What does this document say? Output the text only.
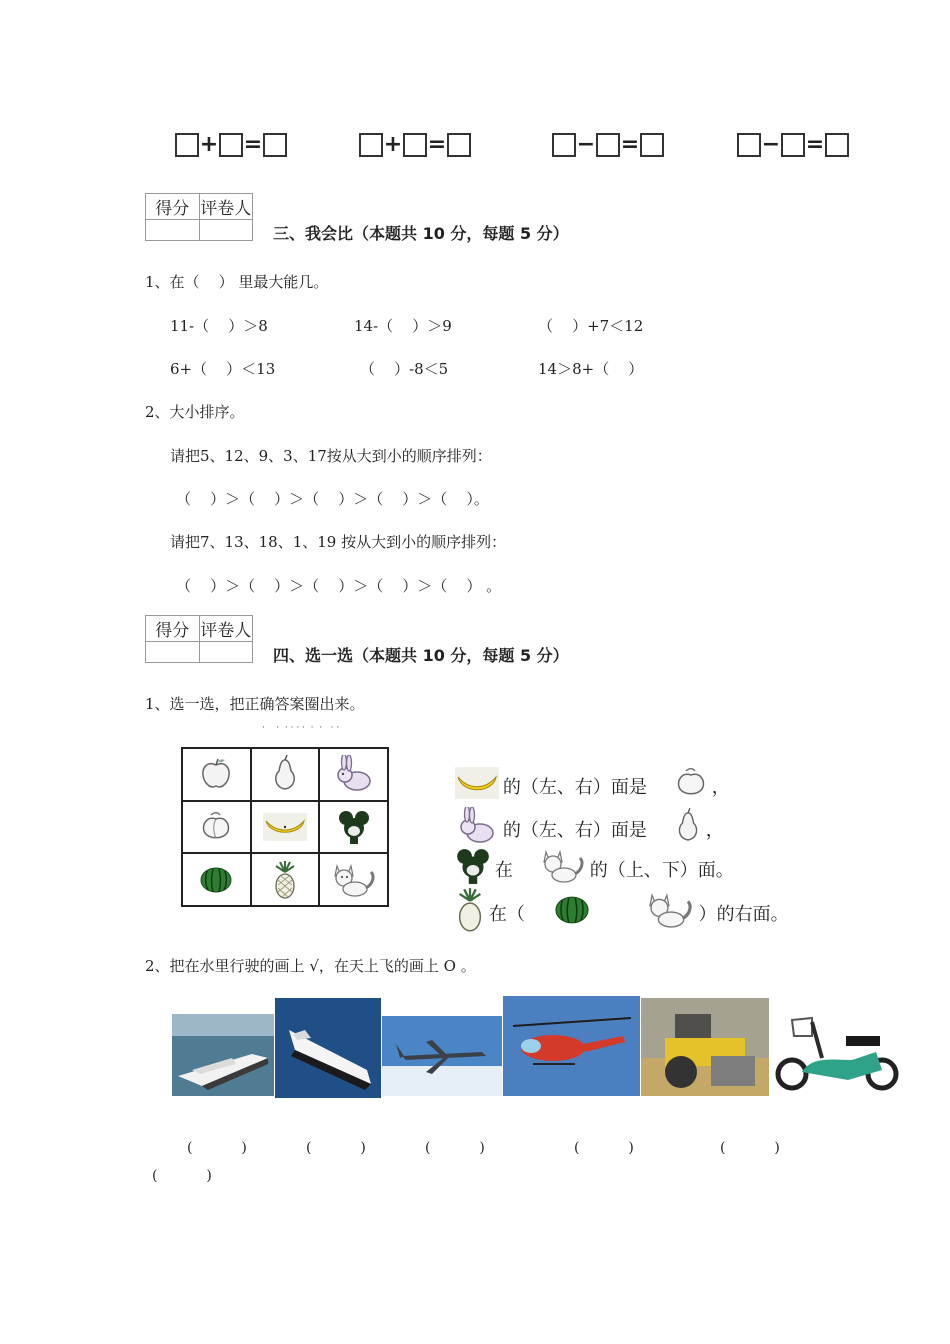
+ =	+ =	− =	− =
得分	评卷人

三、我会比（本题共 10 分，每题 5 分）
1、在（    ） 里最大能几。
11-（    ）＞8	14-（    ）＞9	（    ）+7＜12
6+（    ）＜13	（    ）-8＜5	14＞8+（    ）
2、大小排序。
请把5、12、9、3、17按从大到小的顺序排列：
（    ）＞（    ）＞（    ）＞（    ）＞（    ）。
请把7、13、18、1、19 按从大到小的顺序排列：
（    ）＞（    ）＞（    ）＞（    ）＞（    ） 。
得分	评卷人

四、选一选（本题共 10 分，每题 5 分）
1、选一选，把正确答案圈出来。
·    ·  · · · ·  ·  ·   · ·

的（左、右）面是

	，

的（左、右）面是

	，

在

	的（上、下）面。

在（

	）的右面。
2、把在水里行驶的画上 √，在天上飞的画上 O 。
(           )	(           )	(           )	(           )	(           )
(           )
